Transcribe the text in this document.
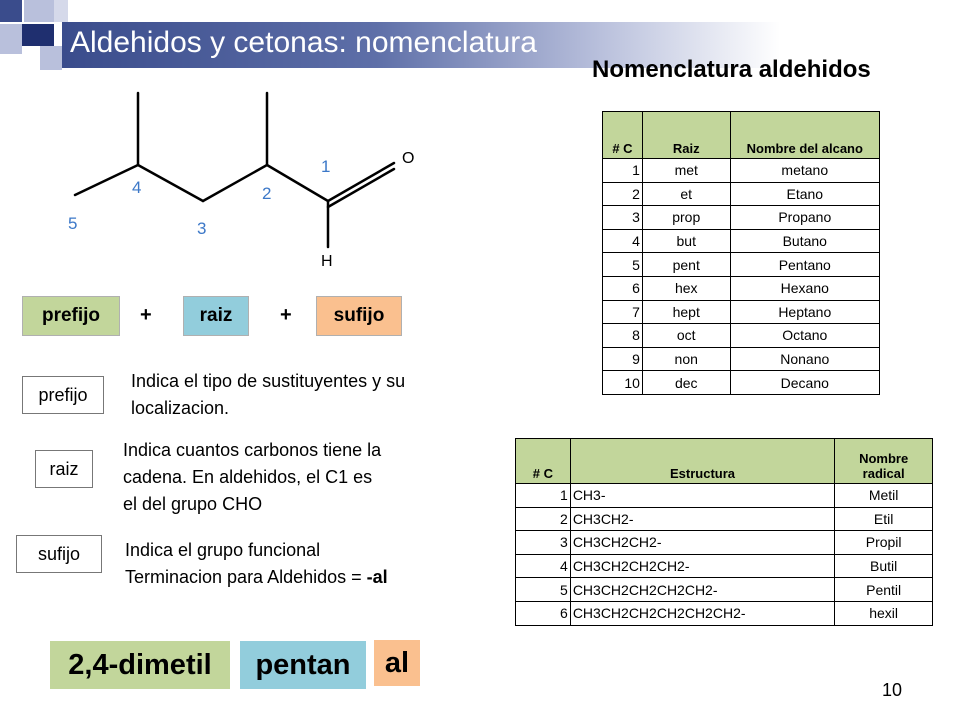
Aldehidos y cetonas: nomenclatura
Nomenclatura aldehidos
O
H
1
2
3
4
5
prefijo	+	raiz	+	sufijo
prefijo
Indica el tipo de sustituyentes y su
localizacion.
raiz
Indica cuantos carbonos tiene la
cadena. En aldehidos, el C1 es
el del grupo CHO
sufijo	Indica el grupo funcional
Terminacion para Aldehidos = -al
# C	Raiz	Nombre del alcano
1	met	metano
2	et	Etano
3	prop	Propano
4	but	Butano
5	pent	Pentano
6	hex	Hexano
7	hept	Heptano
8	oct	Octano
9	non	Nonano
10	dec	Decano
# C	Estructura	Nombre radical
1	CH3-	Metil
2	CH3CH2-	Etil
3	CH3CH2CH2-	Propil
4	CH3CH2CH2CH2-	Butil
5	CH3CH2CH2CH2CH2-	Pentil
6	CH3CH2CH2CH2CH2CH2-	hexil
2,4-dimetil	pentan	al
10
